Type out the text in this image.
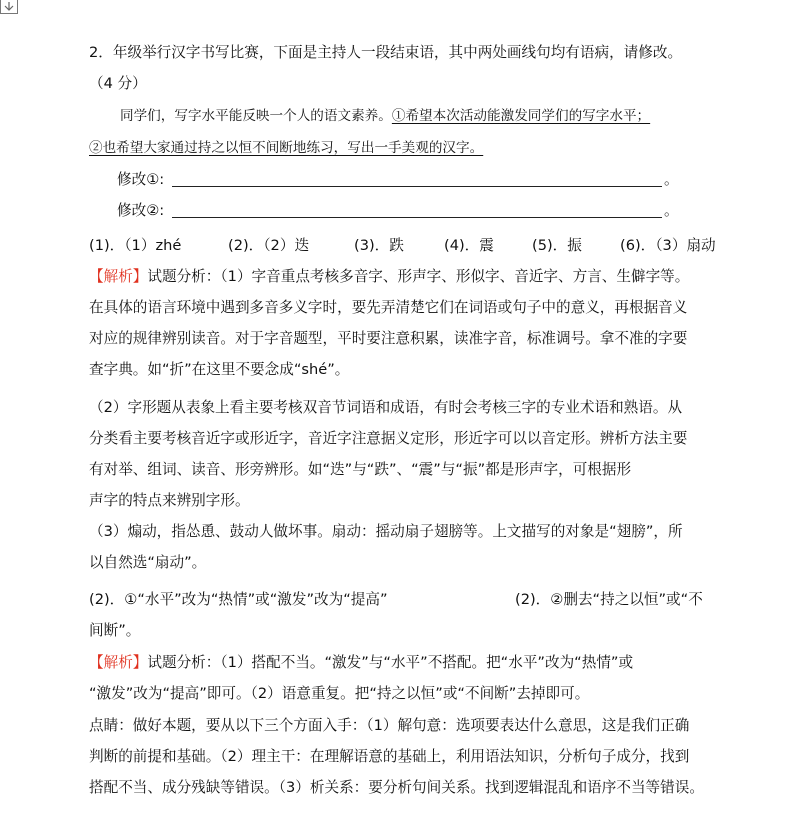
2．年级举行汉字书写比赛，下面是主持人一段结束语，其中两处画线句均有语病，请修改。
（4 分）
同学们，写字水平能反映一个人的语文素养。①希望本次活动能激发同学们的写字水平；
②也希望大家通过持之以恒不间断地练习，写出一手美观的汉字。
修改①:	。
修改②:	。
(1)．（1）zhé	(2)．（2）迭	(3)．跌	(4)．震	(5)．振	(6)．（3）扇动
【解析】试题分析：（1）字音重点考核多音字、形声字、形似字、音近字、方言、生僻字等。
在具体的语言环境中遇到多音多义字时，要先弄清楚它们在词语或句子中的意义，再根据音义
对应的规律辨别读音。对于字音题型，平时要注意积累，读准字音，标准调号。拿不准的字要
查字典。如“折”在这里不要念成“shé”。
（2）字形题从表象上看主要考核双音节词语和成语，有时会考核三字的专业术语和熟语。从
分类看主要考核音近字或形近字，音近字注意据义定形，形近字可以以音定形。辨析方法主要
有对举、组词、读音、形旁辨形。如“迭”与“跌”、“震”与“振”都是形声字，可根据形
声字的特点来辨别字形。
（3）煽动，指怂恿、鼓动人做坏事。扇动：摇动扇子翅膀等。上文描写的对象是“翅膀”，所
以自然选“扇动”。
(2)．①“水平”改为“热情”或“激发”改为“提高”	(2)．②删去“持之以恒”或“不
间断”。
【解析】试题分析：（1）搭配不当。“激发”与“水平”不搭配。把“水平”改为“热情”或
“激发”改为“提高”即可。（2）语意重复。把“持之以恒”或“不间断”去掉即可。
点睛：做好本题，要从以下三个方面入手：（1）解句意：选项要表达什么意思，这是我们正确
判断的前提和基础。（2）理主干：在理解语意的基础上，利用语法知识，分析句子成分，找到
搭配不当、成分残缺等错误。（3）析关系：要分析句间关系。找到逻辑混乱和语序不当等错误。
